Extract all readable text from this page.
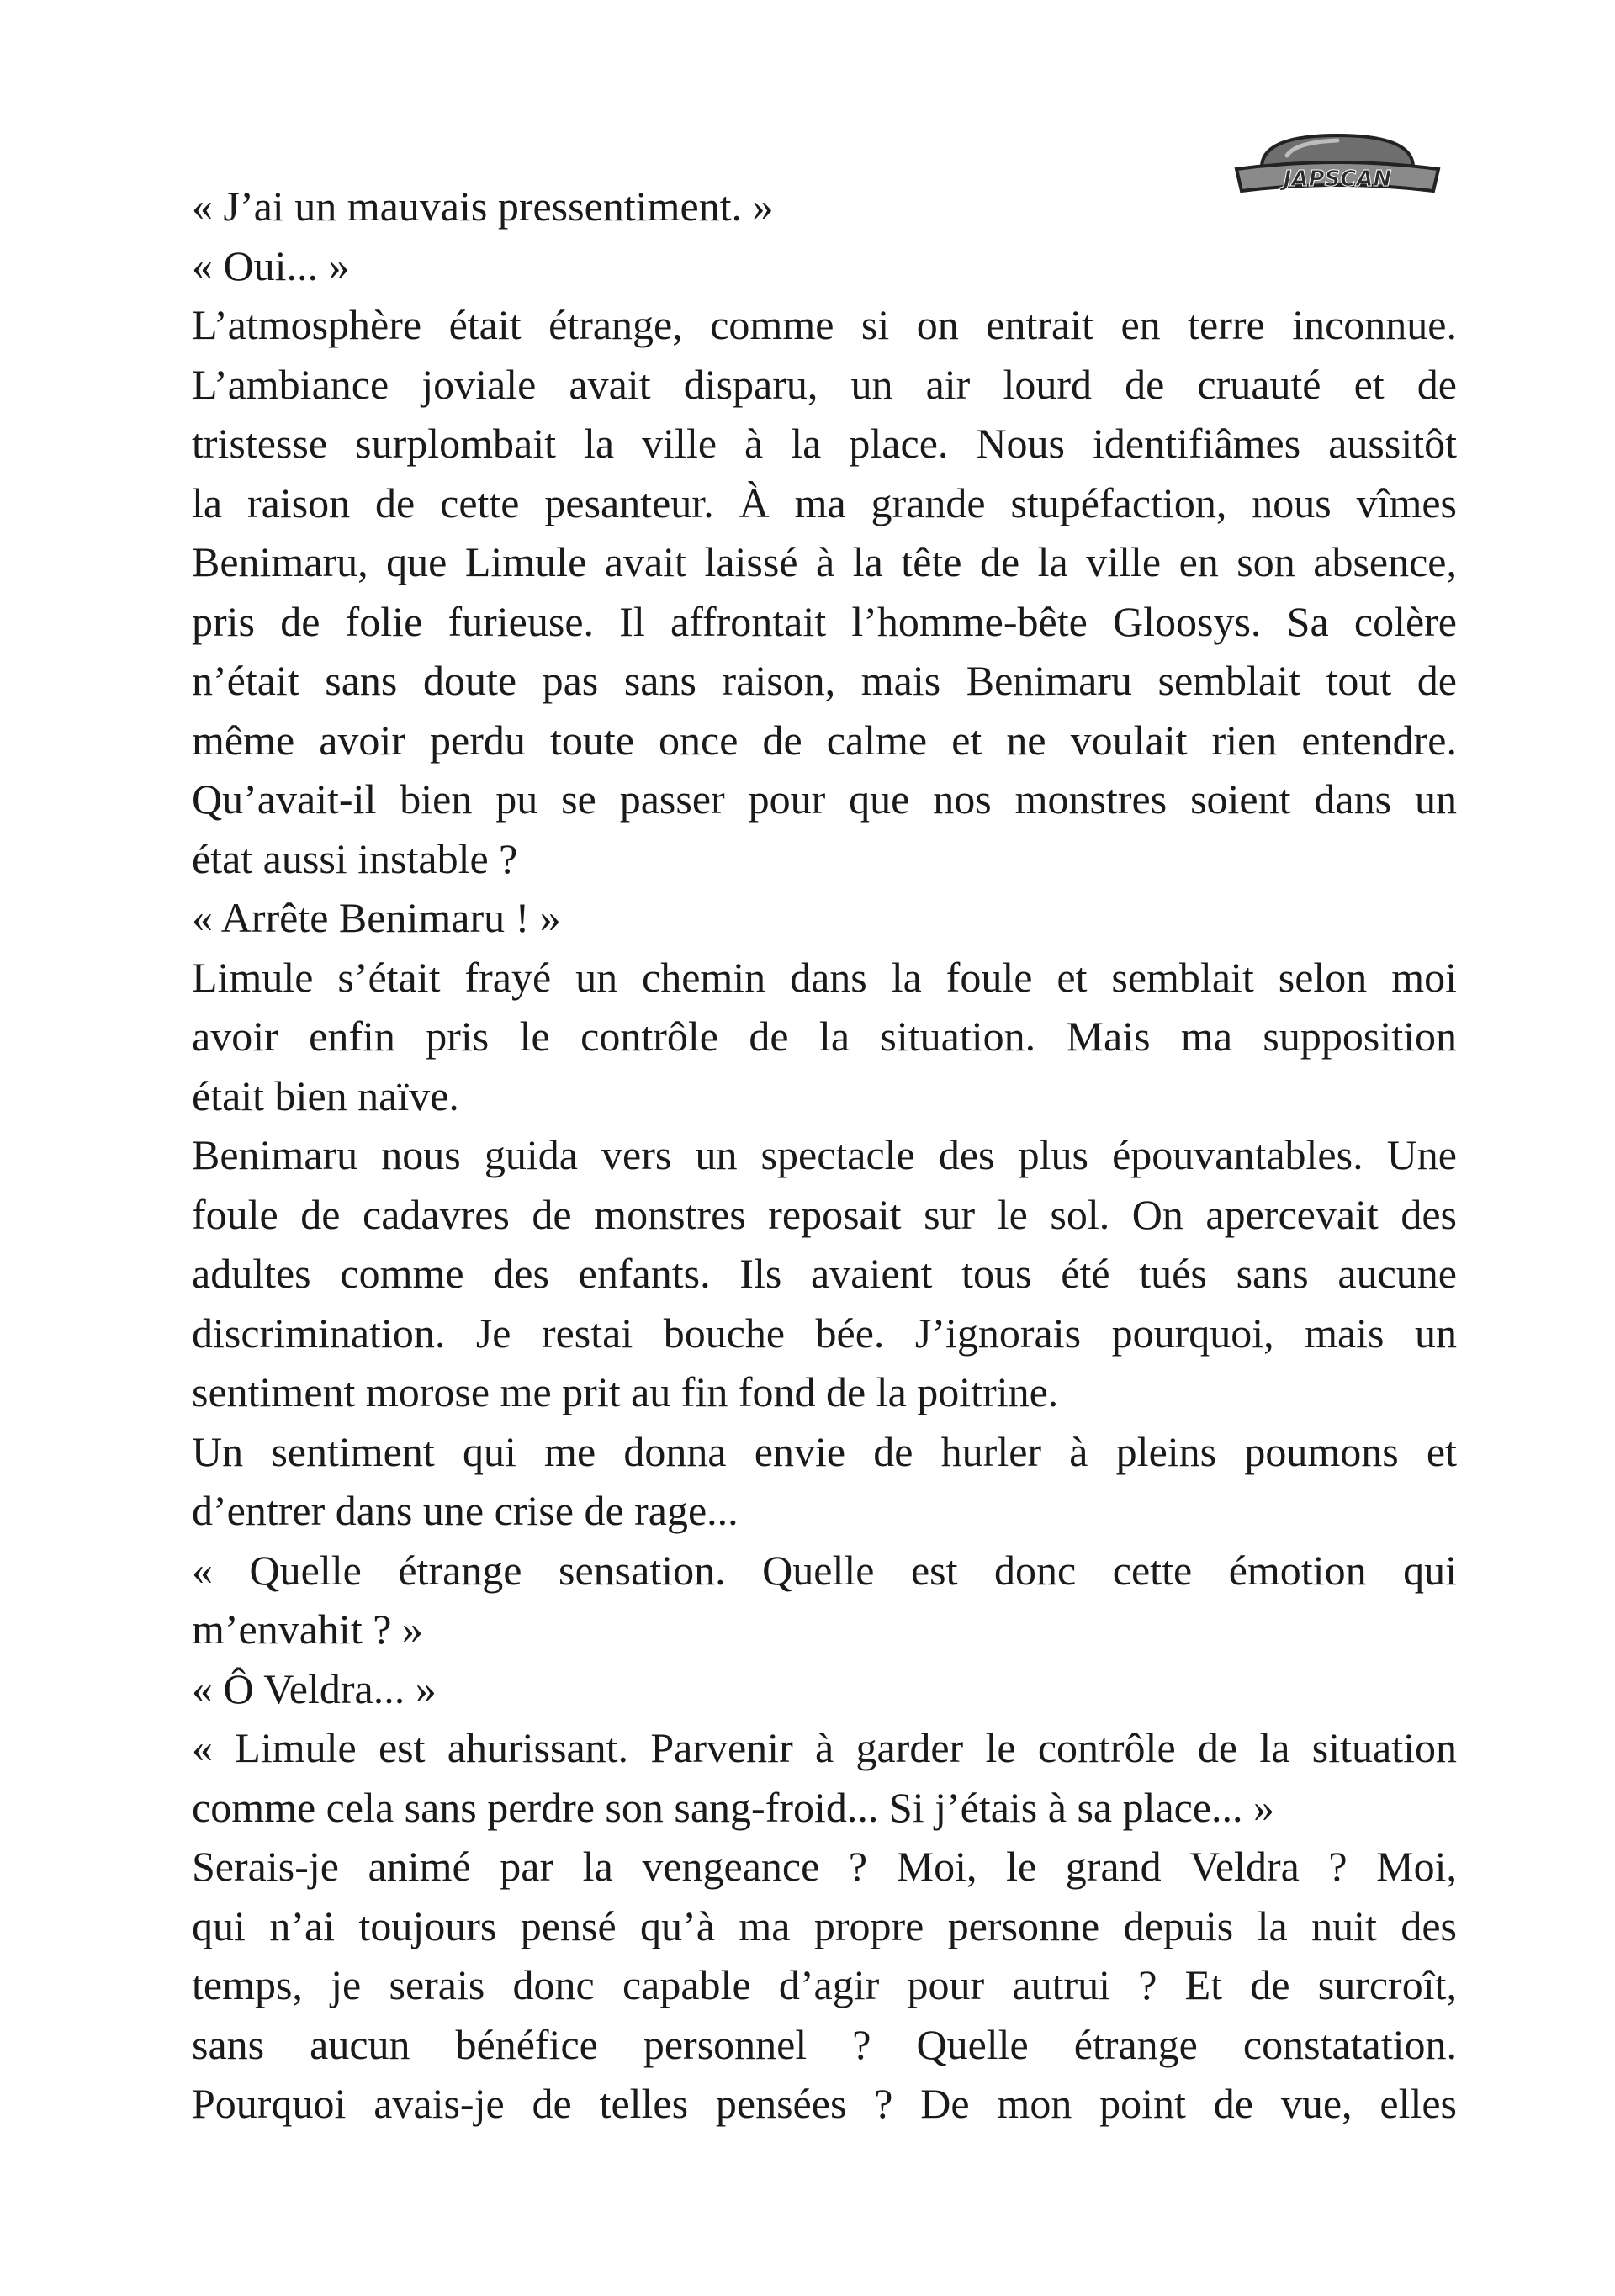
JAPSCAN
« J’ai un mauvais pressentiment. »
« Oui... »
L’atmosphère était étrange, comme si on entrait en terre inconnue.
L’ambiance joviale avait disparu, un air lourd de cruauté et de
tristesse surplombait la ville à la place. Nous identifiâmes aussitôt
la raison de cette pesanteur. À ma grande stupéfaction, nous vîmes
Benimaru, que Limule avait laissé à la tête de la ville en son absence,
pris de folie furieuse. Il affrontait l’homme-bête Gloosys. Sa colère
n’était sans doute pas sans raison, mais Benimaru semblait tout de
même avoir perdu toute once de calme et ne voulait rien entendre.
Qu’avait-il bien pu se passer pour que nos monstres soient dans un
état aussi instable ?
« Arrête Benimaru ! »
Limule s’était frayé un chemin dans la foule et semblait selon moi
avoir enfin pris le contrôle de la situation. Mais ma supposition
était bien naïve.
Benimaru nous guida vers un spectacle des plus épouvantables. Une
foule de cadavres de monstres reposait sur le sol. On apercevait des
adultes comme des enfants. Ils avaient tous été tués sans aucune
discrimination. Je restai bouche bée. J’ignorais pourquoi, mais un
sentiment morose me prit au fin fond de la poitrine.
Un sentiment qui me donna envie de hurler à pleins poumons et
d’entrer dans une crise de rage...
« Quelle étrange sensation. Quelle est donc cette émotion qui
m’envahit ? »
« Ô Veldra... »
« Limule est ahurissant. Parvenir à garder le contrôle de la situation
comme cela sans perdre son sang-froid... Si j’étais à sa place... »
Serais-je animé par la vengeance ? Moi, le grand Veldra ? Moi,
qui n’ai toujours pensé qu’à ma propre personne depuis la nuit des
temps, je serais donc capable d’agir pour autrui ? Et de surcroît,
sans aucun bénéfice personnel ? Quelle étrange constatation.
Pourquoi avais-je de telles pensées ? De mon point de vue, elles
